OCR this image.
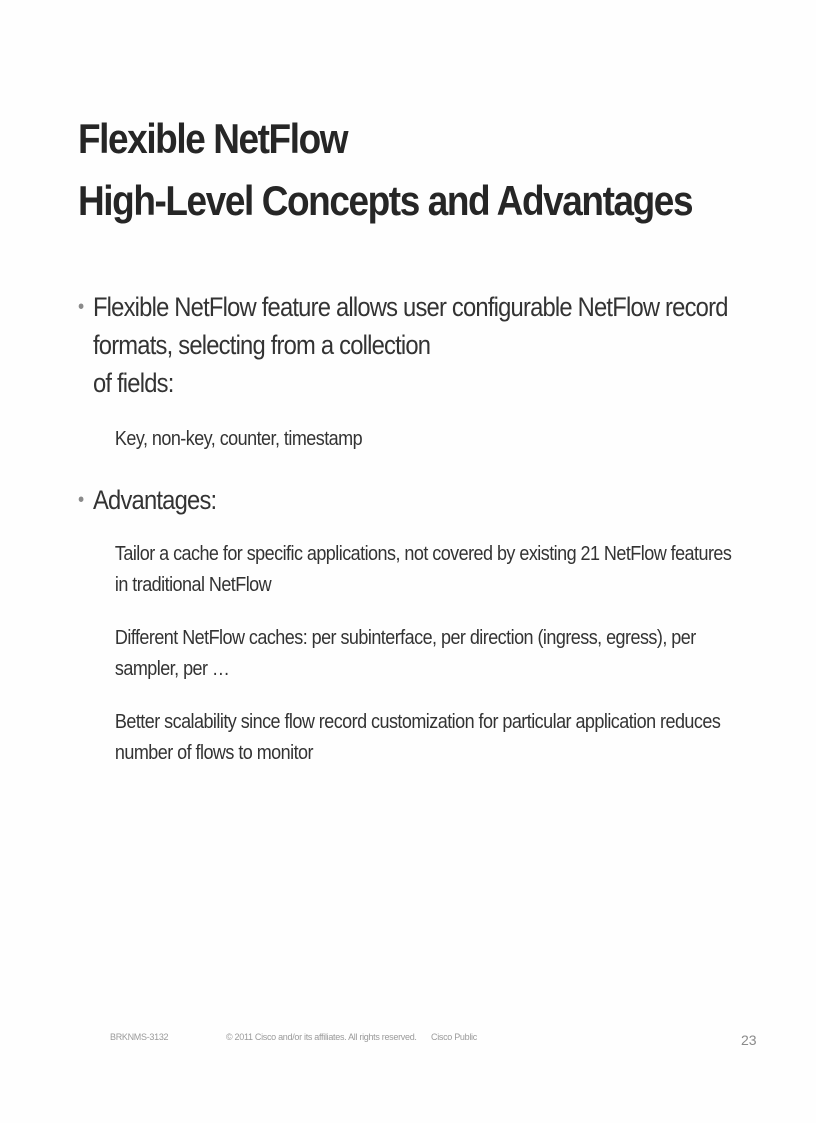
Flexible NetFlow
High-Level Concepts and Advantages
• Flexible NetFlow feature allows user configurable NetFlow record
formats, selecting from a collection
of fields:
Key, non-key, counter, timestamp
• Advantages:
Tailor a cache for specific applications, not covered by existing 21 NetFlow features
in traditional NetFlow
Different NetFlow caches: per subinterface, per direction (ingress, egress), per
sampler, per …
Better scalability since flow record customization for particular application reduces
number of flows to monitor
BRKNMS-3132	© 2011 Cisco and/or its affiliates. All rights reserved. Cisco Public	23
